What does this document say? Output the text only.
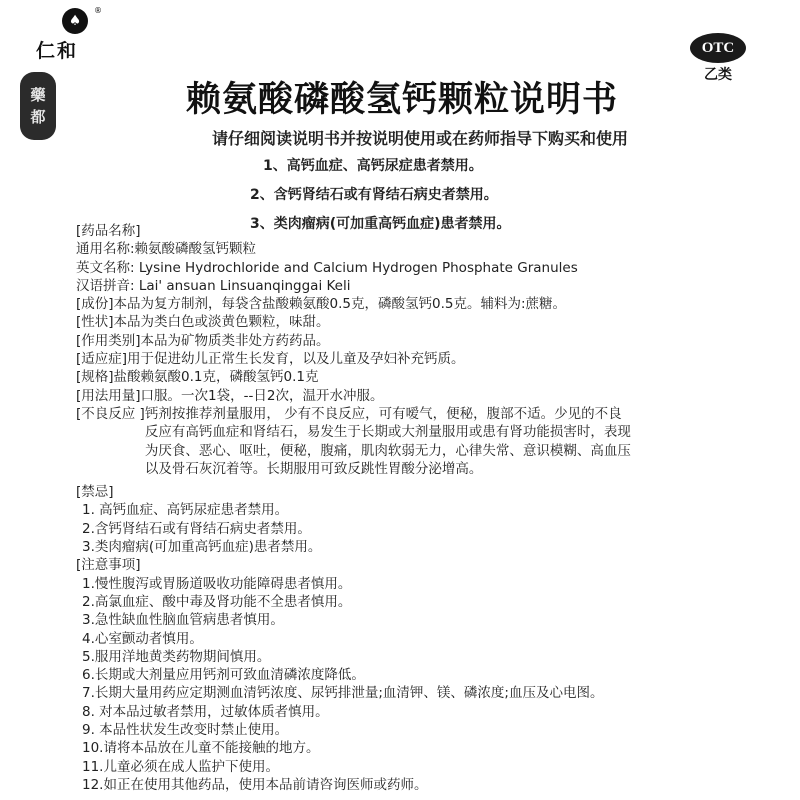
♠
®
仁和
藥
都
OTC
乙类
赖氨酸磷酸氢钙颗粒说明书
请仔细阅读说明书并按说明使用或在药师指导下购买和使用
1、高钙血症、高钙尿症患者禁用。
2、含钙肾结石或有肾结石病史者禁用。
3、类肉瘤病(可加重高钙血症)患者禁用。
[药品名称]
通用名称:赖氨酸磷酸氢钙颗粒
英文名称: Lysine Hydrochloride and Calcium Hydrogen Phosphate Granules
汉语拼音: Lai' ansuan Linsuanqinggai Keli
[成份]本品为复方制剂，每袋含盐酸赖氨酸0.5克，磷酸氢钙0.5克。辅料为:蔗糖。
[性状]本品为类白色或淡黄色颗粒，味甜。
[作用类别]本品为矿物质类非处方药药品。
[适应症]用于促进幼儿正常生长发育，以及儿童及孕妇补充钙质。
[规格]盐酸赖氨酸0.1克，磷酸氢钙0.1克
[用法用量]口服。一次1袋，--日2次，温开水冲服。
[不良反应 ] 钙剂按推荐剂量服用， 少有不良反应，可有嗳气，便秘，腹部不适。少见的不良反应有高钙血症和肾结石，易发生于长期或大剂量服用或患有肾功能损害时，表现为厌食、恶心、呕吐，便秘，腹痛，肌肉软弱无力，心律失常、意识模糊、高血压以及骨石灰沉着等。长期服用可致反跳性胃酸分泌增高。
[禁忌]
1. 高钙血症、高钙尿症患者禁用。
2.含钙肾结石或有肾结石病史者禁用。
3.类肉瘤病(可加重高钙血症)患者禁用。
[注意事项]
1.慢性腹泻或胃肠道吸收功能障碍患者慎用。
2.高氯血症、酸中毒及肾功能不全患者慎用。
3.急性缺血性脑血管病患者慎用。
4.心室颤动者慎用。
5.服用洋地黄类药物期间慎用。
6.长期或大剂量应用钙剂可致血清磷浓度降低。
7.长期大量用药应定期测血清钙浓度、尿钙排泄量;血清钾、镁、磷浓度;血压及心电图。
8. 对本品过敏者禁用，过敏体质者慎用。
9. 本品性状发生改变时禁止使用。
10.请将本品放在儿童不能接触的地方。
11.儿童必须在成人监护下使用。
12.如正在使用其他药品，使用本品前请咨询医师或药师。
